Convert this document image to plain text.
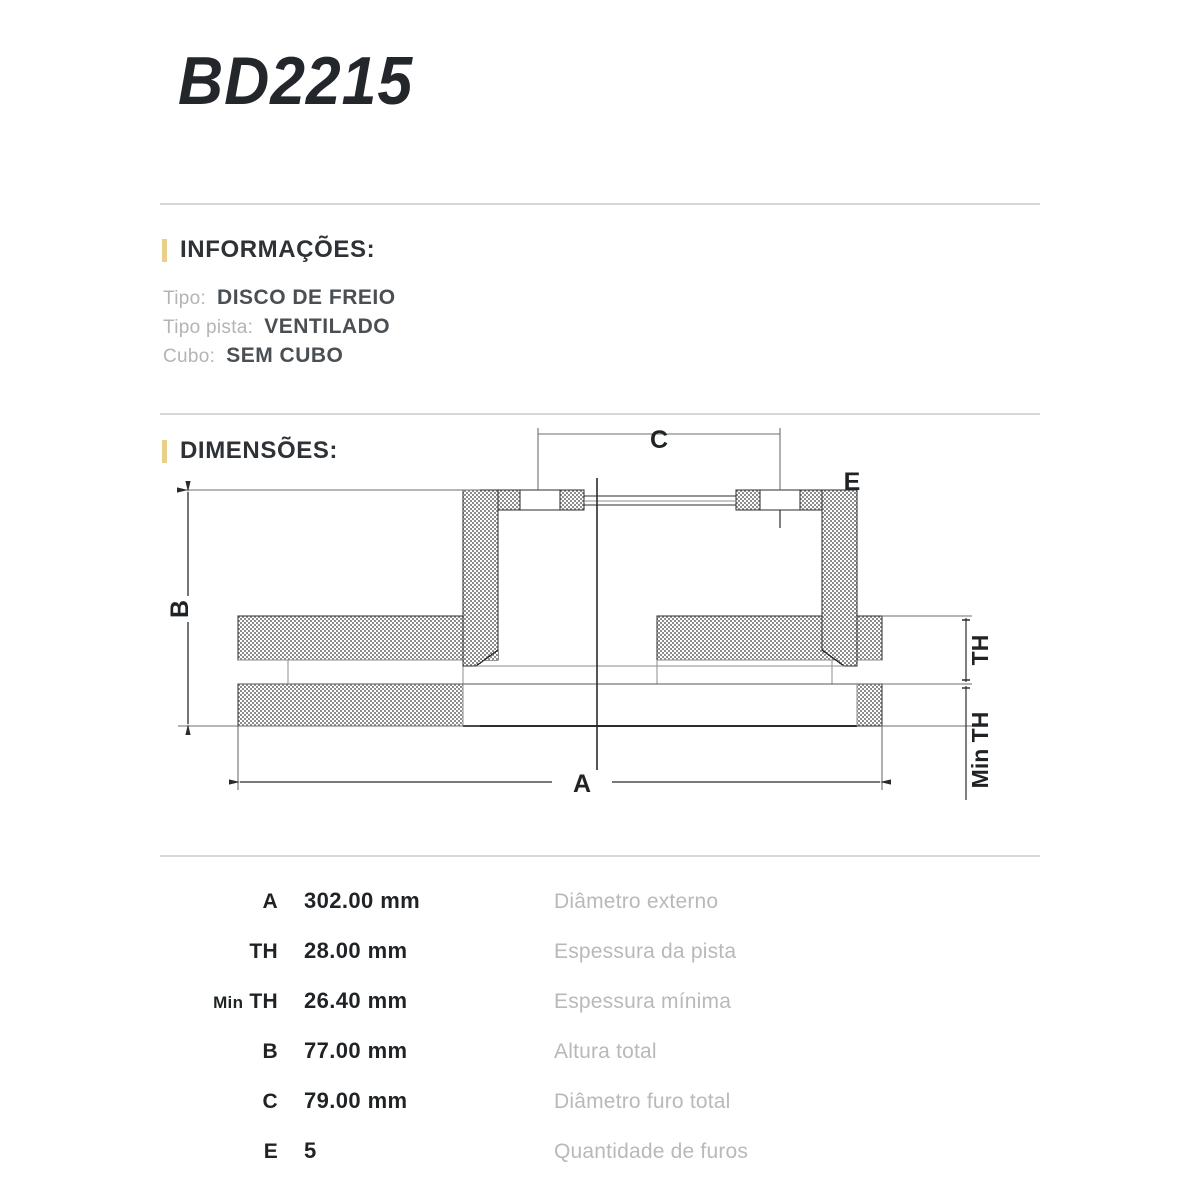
BD2215
INFORMAÇÕES:
Tipo: DISCO DE FREIO
Tipo pista: VENTILADO
Cubo: SEM CUBO
DIMENSÕES:	C
E
B
A
TH
Min TH
A	302.00 mm	Diâmetro externo
TH	28.00 mm	Espessura da pista
Min TH	26.40 mm	Espessura mínima
B	77.00 mm	Altura total
C	79.00 mm	Diâmetro furo total
E	5	Quantidade de furos
